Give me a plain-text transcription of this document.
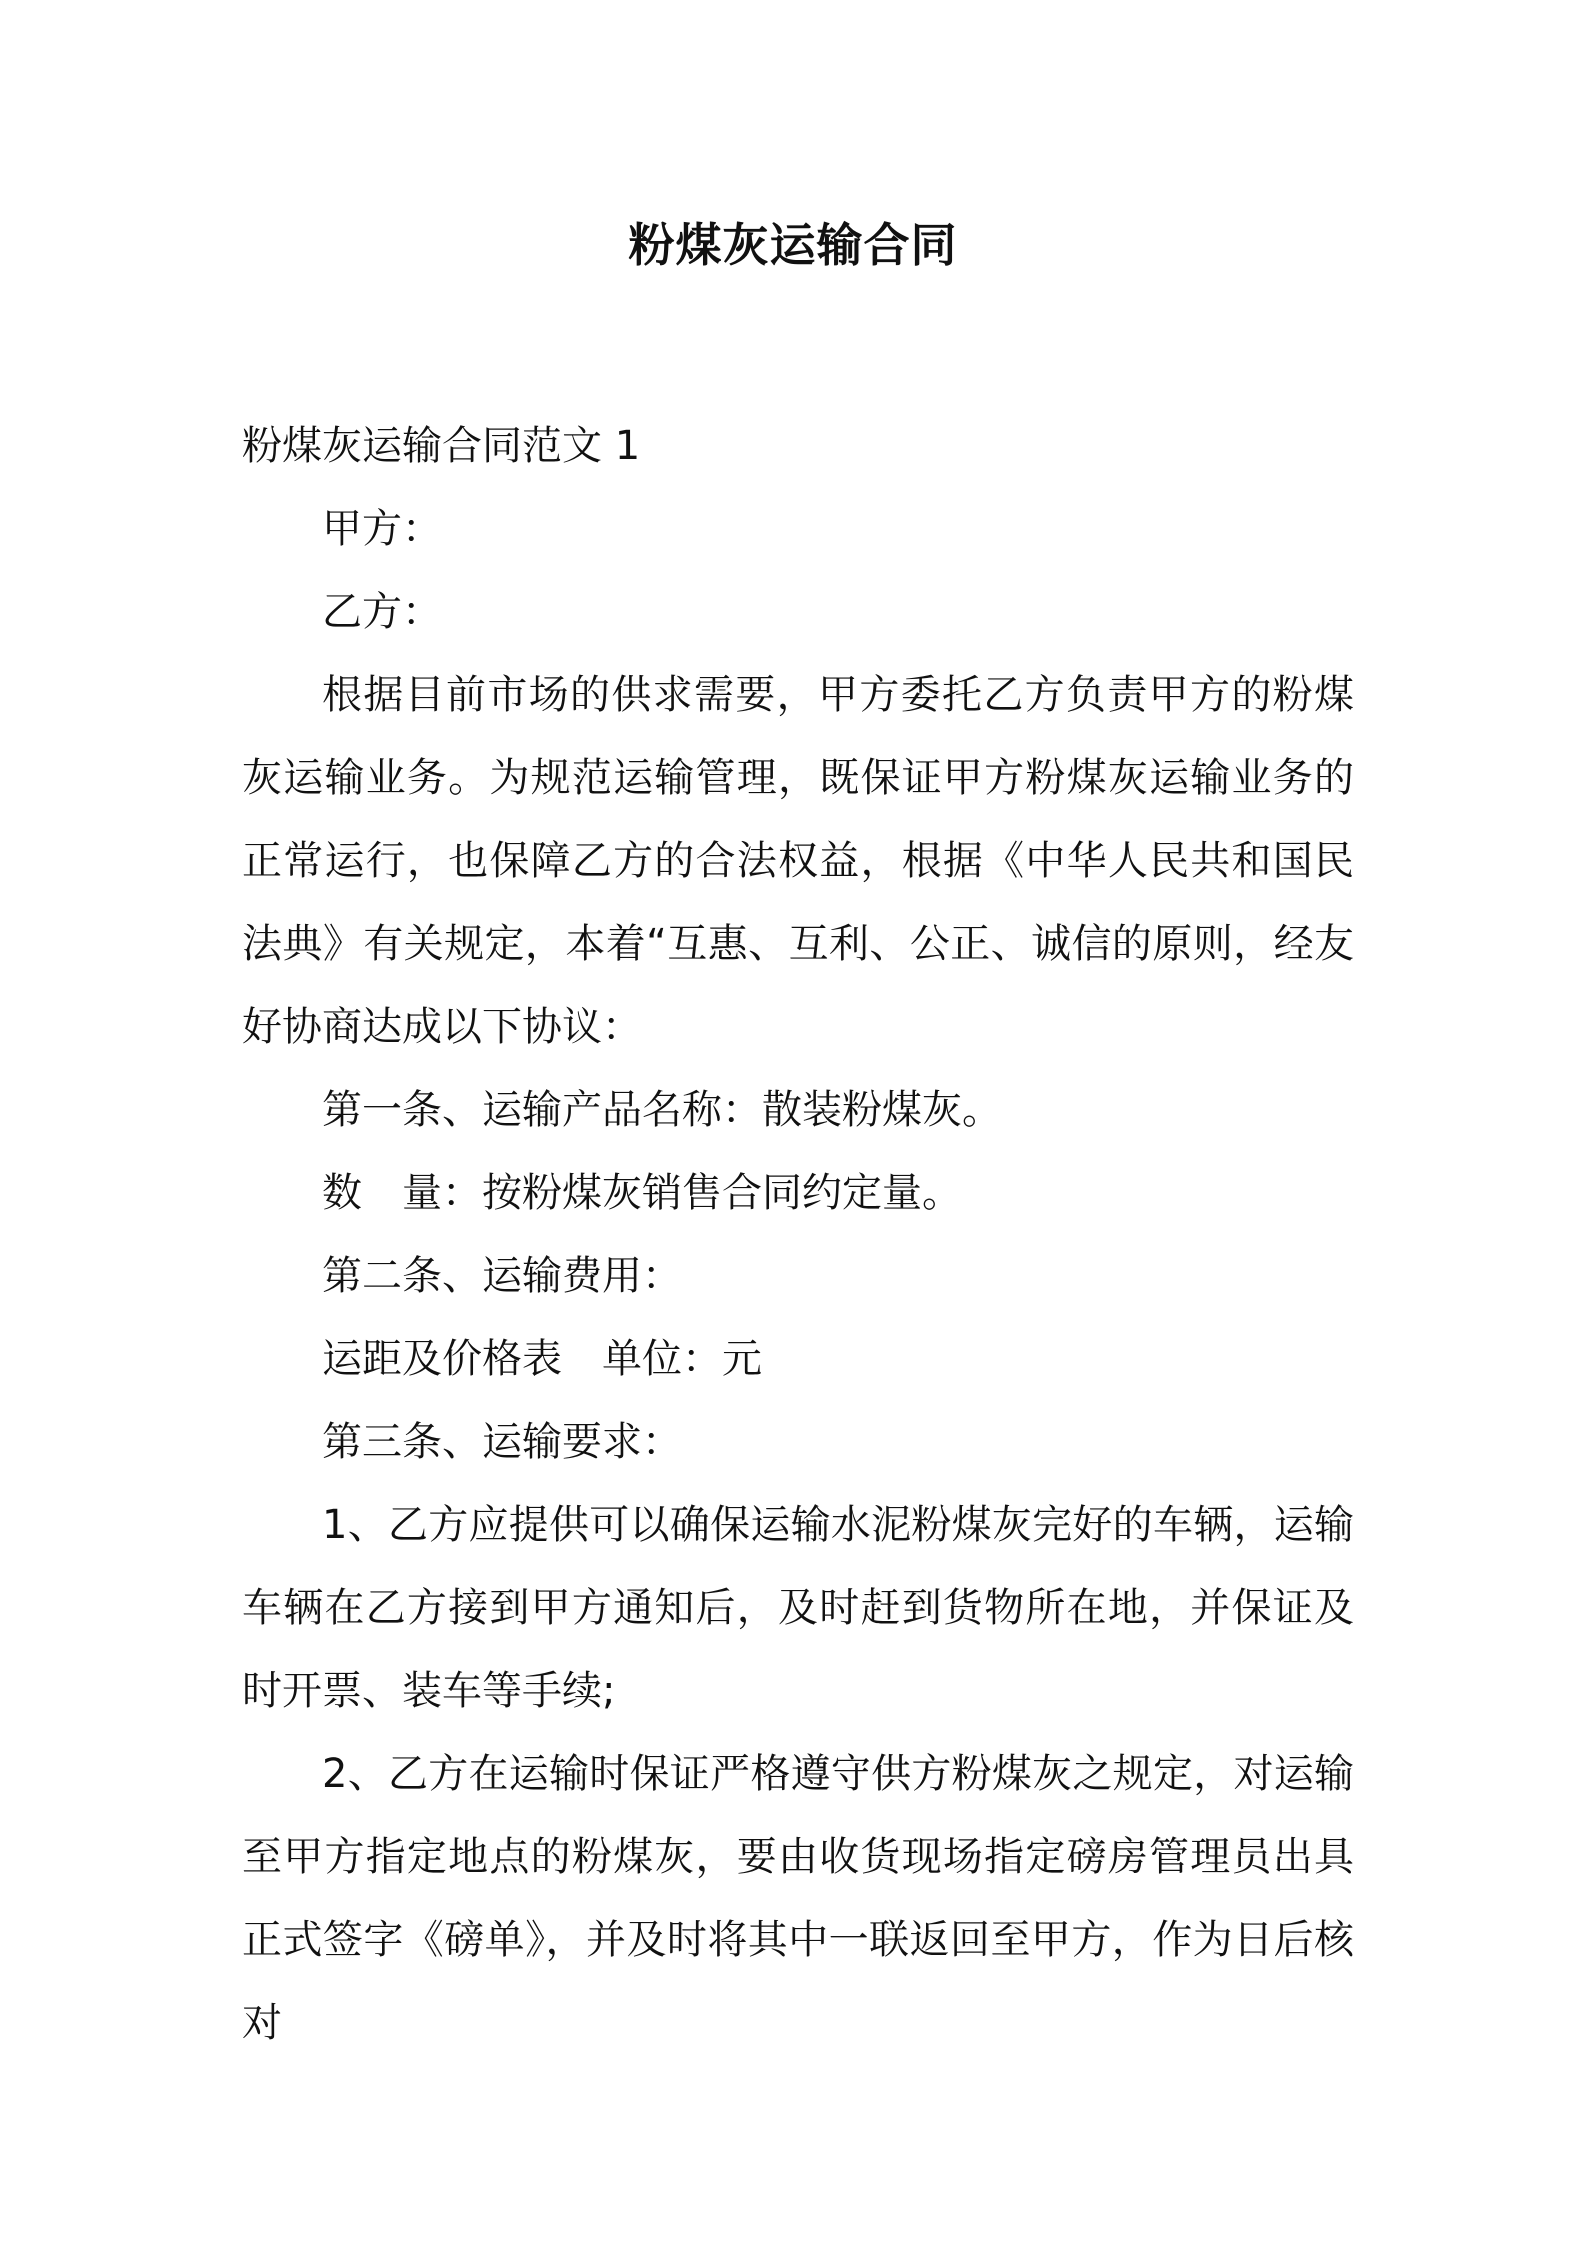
粉煤灰运输合同

粉煤灰运输合同范文 1

甲方：

乙方：

根据目前市场的供求需要，甲方委托乙方负责甲方的粉煤灰运输业务。为规范运输管理，既保证甲方粉煤灰运输业务的正常运行，也保障乙方的合法权益，根据《中华人民共和国民法典》有关规定，本着“互惠、互利、公正、诚信的原则，经友好协商达成以下协议：

第一条、运输产品名称：散装粉煤灰。

数　量：按粉煤灰销售合同约定量。

第二条、运输费用：

运距及价格表　单位：元

第三条、运输要求：

1、乙方应提供可以确保运输水泥粉煤灰完好的车辆，运输车辆在乙方接到甲方通知后，及时赶到货物所在地，并保证及时开票、装车等手续;

2、乙方在运输时保证严格遵守供方粉煤灰之规定，对运输至甲方指定地点的粉煤灰，要由收货现场指定磅房管理员出具正式签字《磅单》，并及时将其中一联返回至甲方，作为日后核对
